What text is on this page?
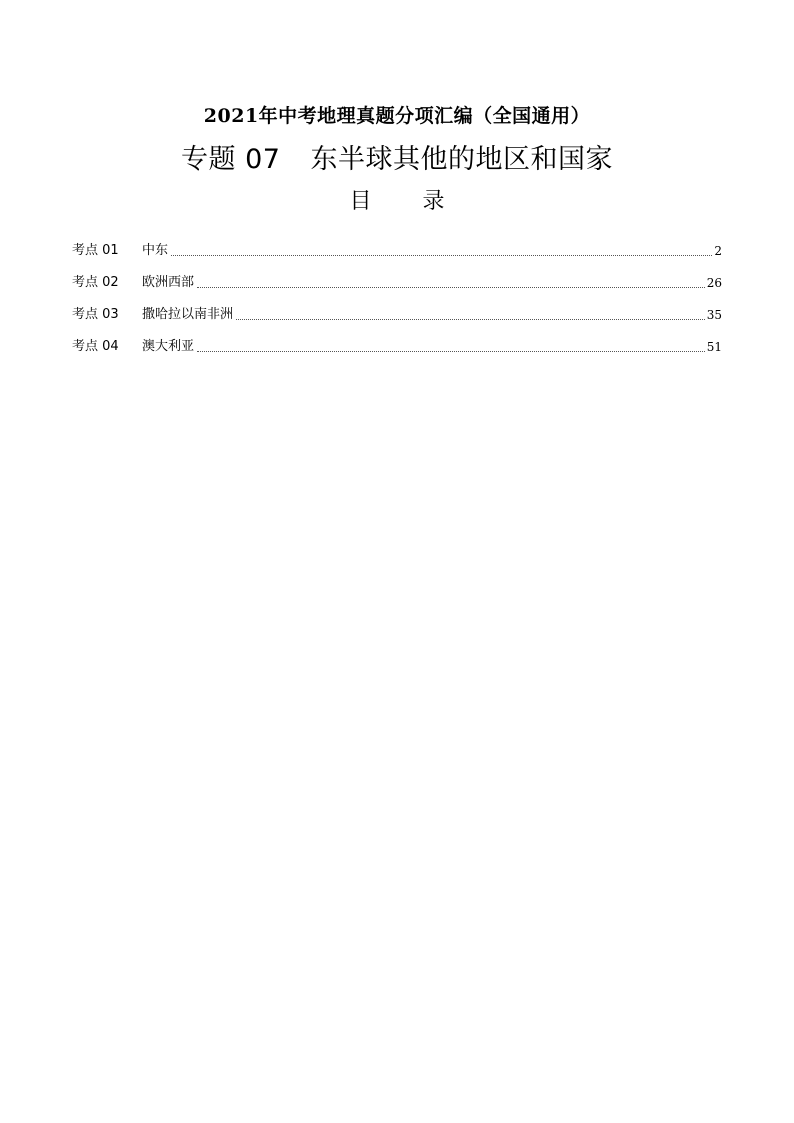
2021年中考地理真题分项汇编（全国通用）
专题 07 东半球其他的地区和国家
目 录
考点 01	中东	2
考点 02	欧洲西部	26
考点 03	撒哈拉以南非洲	35
考点 04	澳大利亚	51
